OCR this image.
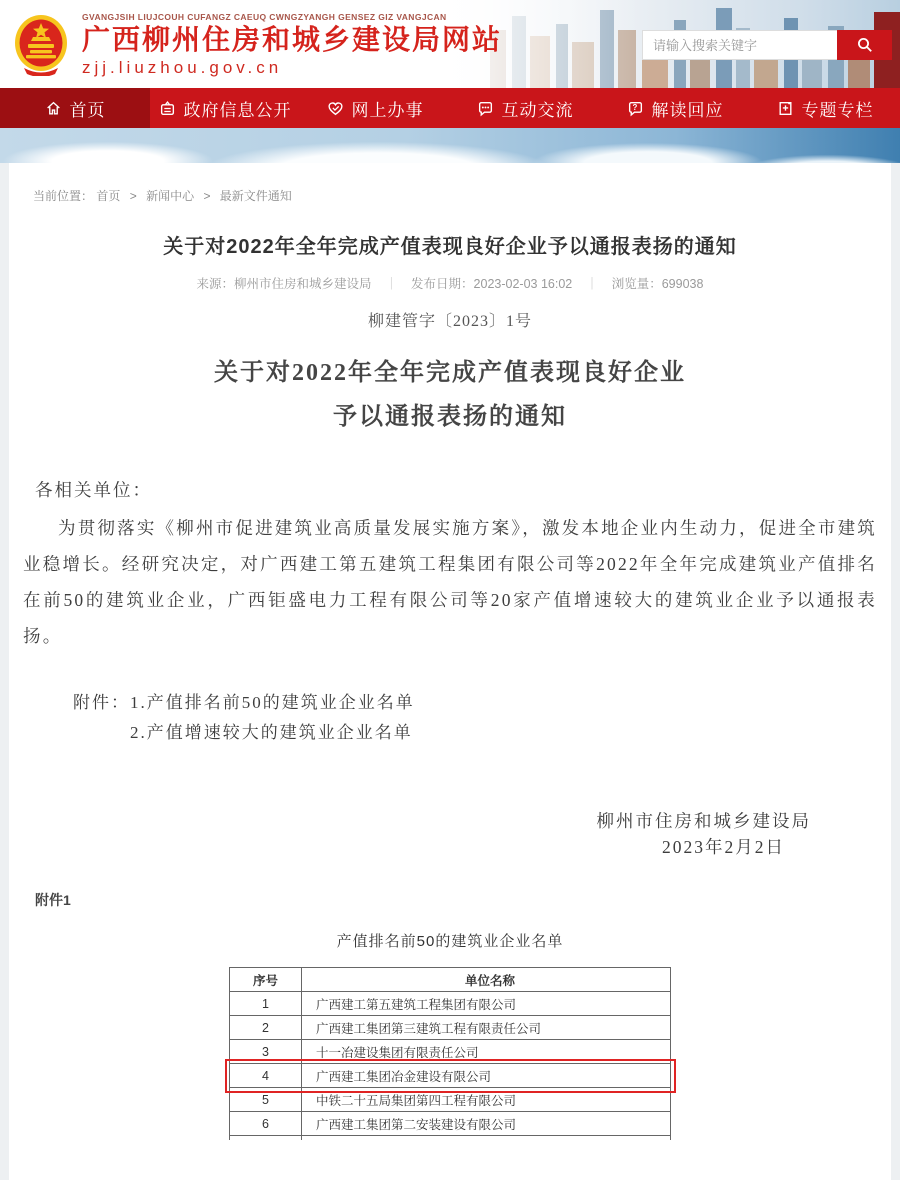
GVANGJSIH LIUJCOUH CUFANGZ CAEUQ CWNGZYANGH GENSEZ GIZ VANGJCAN
广西柳州住房和城乡建设局网站
zjj.liuzhou.gov.cn
请输入搜索关键字
首页	政府信息公开	网上办事	互动交流	? 解读回应	专题专栏
当前位置： 首页 > 新闻中心 > 最新文件通知
关于对2022年全年完成产值表现良好企业予以通报表扬的通知
来源：柳州市住房和城乡建设局 ｜ 发布日期：2023-02-03 16:02 ｜ 浏览量：699038
柳建管字〔2023〕1号
关于对2022年全年完成产值表现良好企业
予以通报表扬的通知
各相关单位：
为贯彻落实《柳州市促进建筑业高质量发展实施方案》，激发本地企业内生动力，促进全市建筑业稳增长。经研究决定，对广西建工第五建筑工程集团有限公司等2022年全年完成建筑业产值排名在前50的建筑业企业，广西钜盛电力工程有限公司等20家产值增速较大的建筑业企业予以通报表扬。
附件： 1.产值排名前50的建筑业企业名单
2.产值增速较大的建筑业企业名单
柳州市住房和城乡建设局
2023年2月2日
附件1
产值排名前50的建筑业企业名单
序号	单位名称
1	广西建工第五建筑工程集团有限公司
2	广西建工集团第三建筑工程有限责任公司
3	十一冶建设集团有限责任公司
4	广西建工集团冶金建设有限公司
5	中铁二十五局集团第四工程有限公司
6	广西建工集团第二安装建设有限公司
